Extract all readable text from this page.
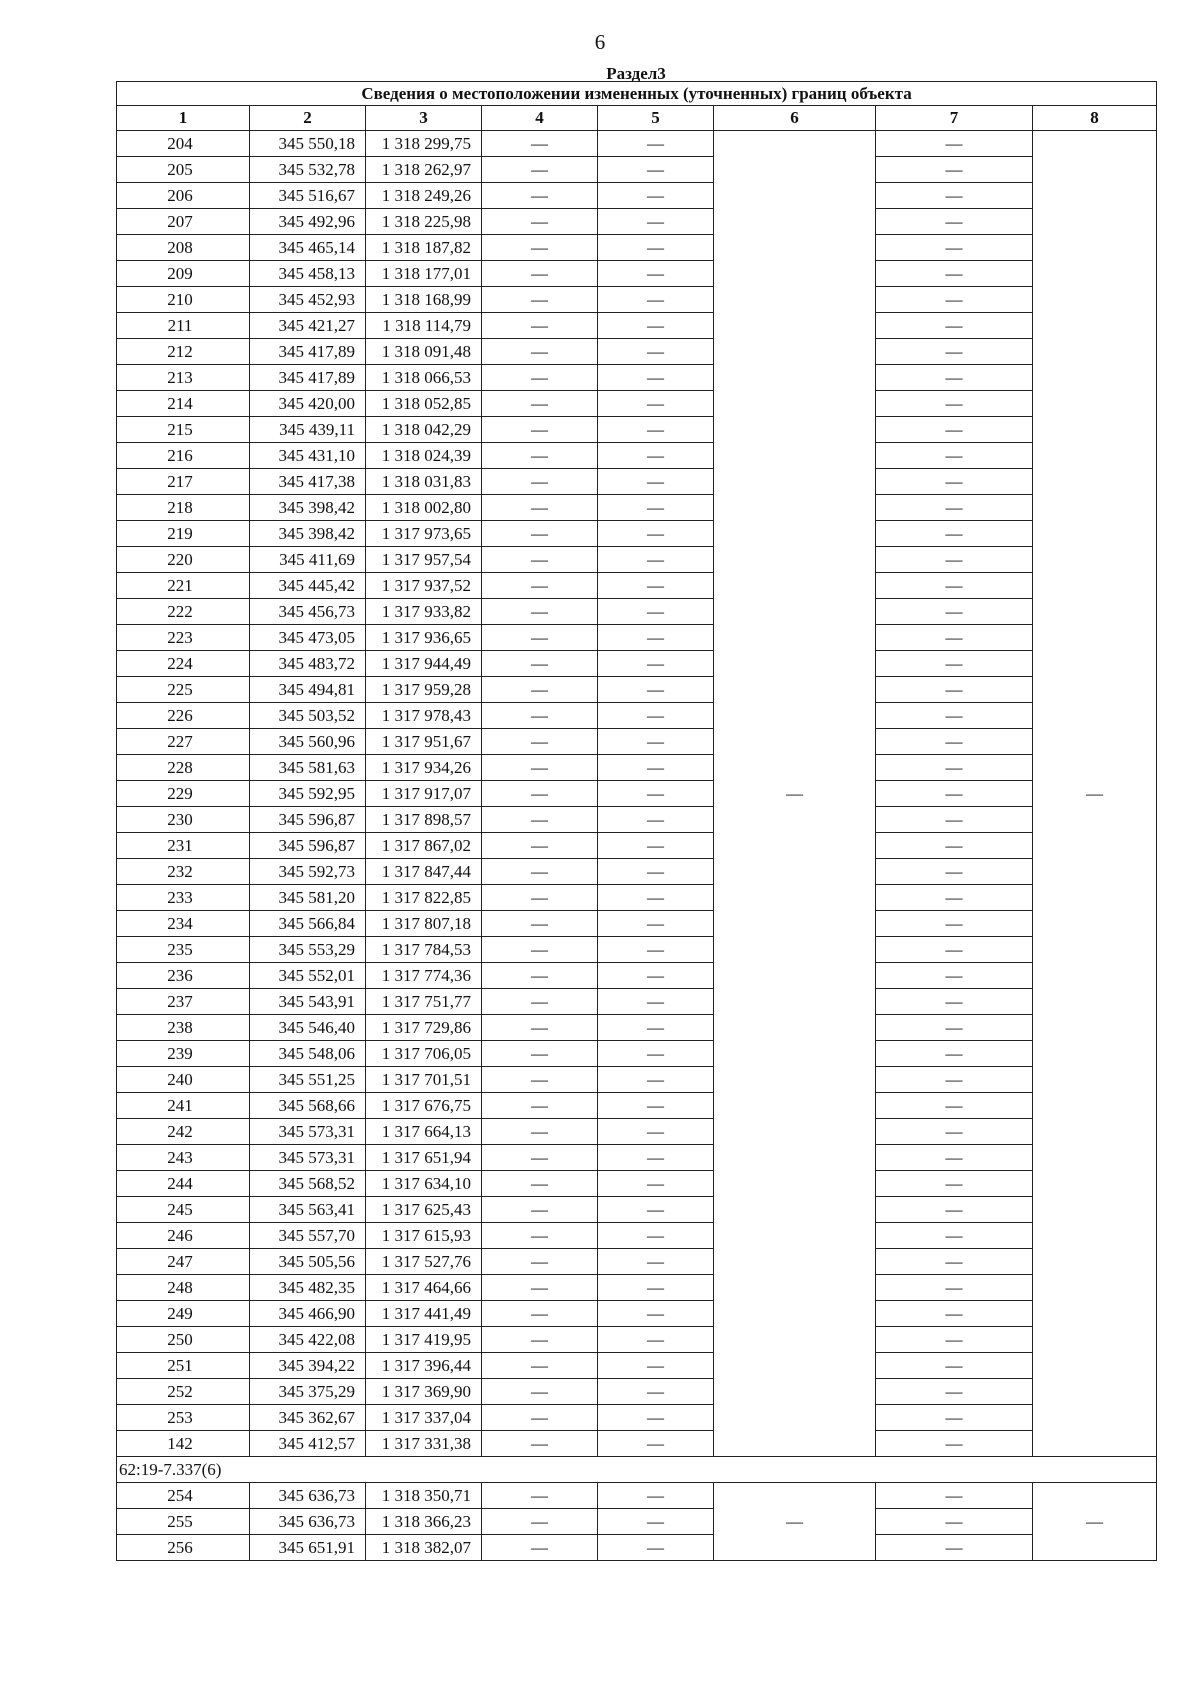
6
Раздел3
Сведения о местоположении измененных (уточненных) границ объекта							
1	2	3	4	5	6	7	8
204	345 550,18	1 318 299,75	—	—	—	—	—
205	345 532,78	1 318 262,97	—	—		—	
206	345 516,67	1 318 249,26	—	—		—	
207	345 492,96	1 318 225,98	—	—		—	
208	345 465,14	1 318 187,82	—	—		—	
209	345 458,13	1 318 177,01	—	—		—	
210	345 452,93	1 318 168,99	—	—		—	
211	345 421,27	1 318 114,79	—	—		—	
212	345 417,89	1 318 091,48	—	—		—	
213	345 417,89	1 318 066,53	—	—		—	
214	345 420,00	1 318 052,85	—	—		—	
215	345 439,11	1 318 042,29	—	—		—	
216	345 431,10	1 318 024,39	—	—		—	
217	345 417,38	1 318 031,83	—	—		—	
218	345 398,42	1 318 002,80	—	—		—	
219	345 398,42	1 317 973,65	—	—		—	
220	345 411,69	1 317 957,54	—	—		—	
221	345 445,42	1 317 937,52	—	—		—	
222	345 456,73	1 317 933,82	—	—		—	
223	345 473,05	1 317 936,65	—	—		—	
224	345 483,72	1 317 944,49	—	—		—	
225	345 494,81	1 317 959,28	—	—		—	
226	345 503,52	1 317 978,43	—	—		—	
227	345 560,96	1 317 951,67	—	—		—	
228	345 581,63	1 317 934,26	—	—		—	
229	345 592,95	1 317 917,07	—	—		—	
230	345 596,87	1 317 898,57	—	—		—	
231	345 596,87	1 317 867,02	—	—		—	
232	345 592,73	1 317 847,44	—	—		—	
233	345 581,20	1 317 822,85	—	—		—	
234	345 566,84	1 317 807,18	—	—		—	
235	345 553,29	1 317 784,53	—	—		—	
236	345 552,01	1 317 774,36	—	—		—	
237	345 543,91	1 317 751,77	—	—		—	
238	345 546,40	1 317 729,86	—	—		—	
239	345 548,06	1 317 706,05	—	—		—	
240	345 551,25	1 317 701,51	—	—		—	
241	345 568,66	1 317 676,75	—	—		—	
242	345 573,31	1 317 664,13	—	—		—	
243	345 573,31	1 317 651,94	—	—		—	
244	345 568,52	1 317 634,10	—	—		—	
245	345 563,41	1 317 625,43	—	—		—	
246	345 557,70	1 317 615,93	—	—		—	
247	345 505,56	1 317 527,76	—	—		—	
248	345 482,35	1 317 464,66	—	—		—	
249	345 466,90	1 317 441,49	—	—		—	
250	345 422,08	1 317 419,95	—	—		—	
251	345 394,22	1 317 396,44	—	—		—	
252	345 375,29	1 317 369,90	—	—		—	
253	345 362,67	1 317 337,04	—	—		—	
142	345 412,57	1 317 331,38	—	—		—	
62:19-7.337(6)							
254	345 636,73	1 318 350,71	—	—	—	—	—
255	345 636,73	1 318 366,23	—	—		—	
256	345 651,91	1 318 382,07	—	—		—	
